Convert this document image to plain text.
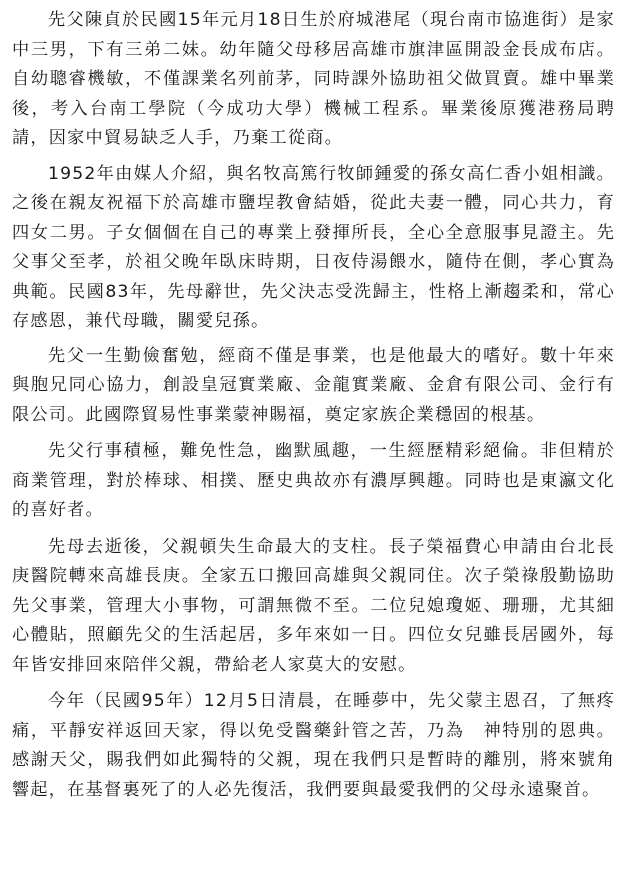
先父陳貞於民國15年元月18日生於府城港尾（現台南市協進街）是家中三男，下有三弟二妹。幼年隨父母移居高雄市旗津區開設金長成布店。自幼聰睿機敏，不僅課業名列前茅，同時課外協助祖父做買賣。雄中畢業後，考入台南工學院（今成功大學）機械工程系。畢業後原獲港務局聘請，因家中貿易缺乏人手，乃棄工從商。

1952年由媒人介紹，與名牧高篤行牧師鍾愛的孫女高仁香小姐相識。之後在親友祝福下於高雄市鹽埕教會結婚，從此夫妻一體，同心共力，育四女二男。子女個個在自己的專業上發揮所長，全心全意服事見證主。先父事父至孝，於祖父晚年臥床時期，日夜侍湯餵水，隨侍在側，孝心實為典範。民國83年，先母辭世，先父決志受洗歸主，性格上漸趨柔和，常心存感恩，兼代母職，關愛兒孫。

先父一生勤儉奮勉，經商不僅是事業，也是他最大的嗜好。數十年來與胞兄同心協力，創設皇冠實業廠、金龍實業廠、金倉有限公司、金行有限公司。此國際貿易性事業蒙神賜福，奠定家族企業穩固的根基。

先父行事積極，難免性急，幽默風趣，一生經歷精彩絕倫。非但精於商業管理，對於棒球、相撲、歷史典故亦有濃厚興趣。同時也是東瀛文化的喜好者。

先母去逝後，父親頓失生命最大的支柱。長子榮福費心申請由台北長庚醫院轉來高雄長庚。全家五口搬回高雄與父親同住。次子榮祿殷勤協助先父事業，管理大小事物，可謂無微不至。二位兒媳瓊姬、珊珊，尤其細心體貼，照顧先父的生活起居，多年來如一日。四位女兒雖長居國外，每年皆安排回來陪伴父親，帶給老人家莫大的安慰。

今年（民國95年）12月5日清晨，在睡夢中，先父蒙主恩召，了無疼痛，平靜安祥返回天家，得以免受醫藥針管之苦，乃為　神特別的恩典。感謝天父，賜我們如此獨特的父親，現在我們只是暫時的離別，將來號角響起，在基督裏死了的人必先復活，我們要與最愛我們的父母永遠聚首。
